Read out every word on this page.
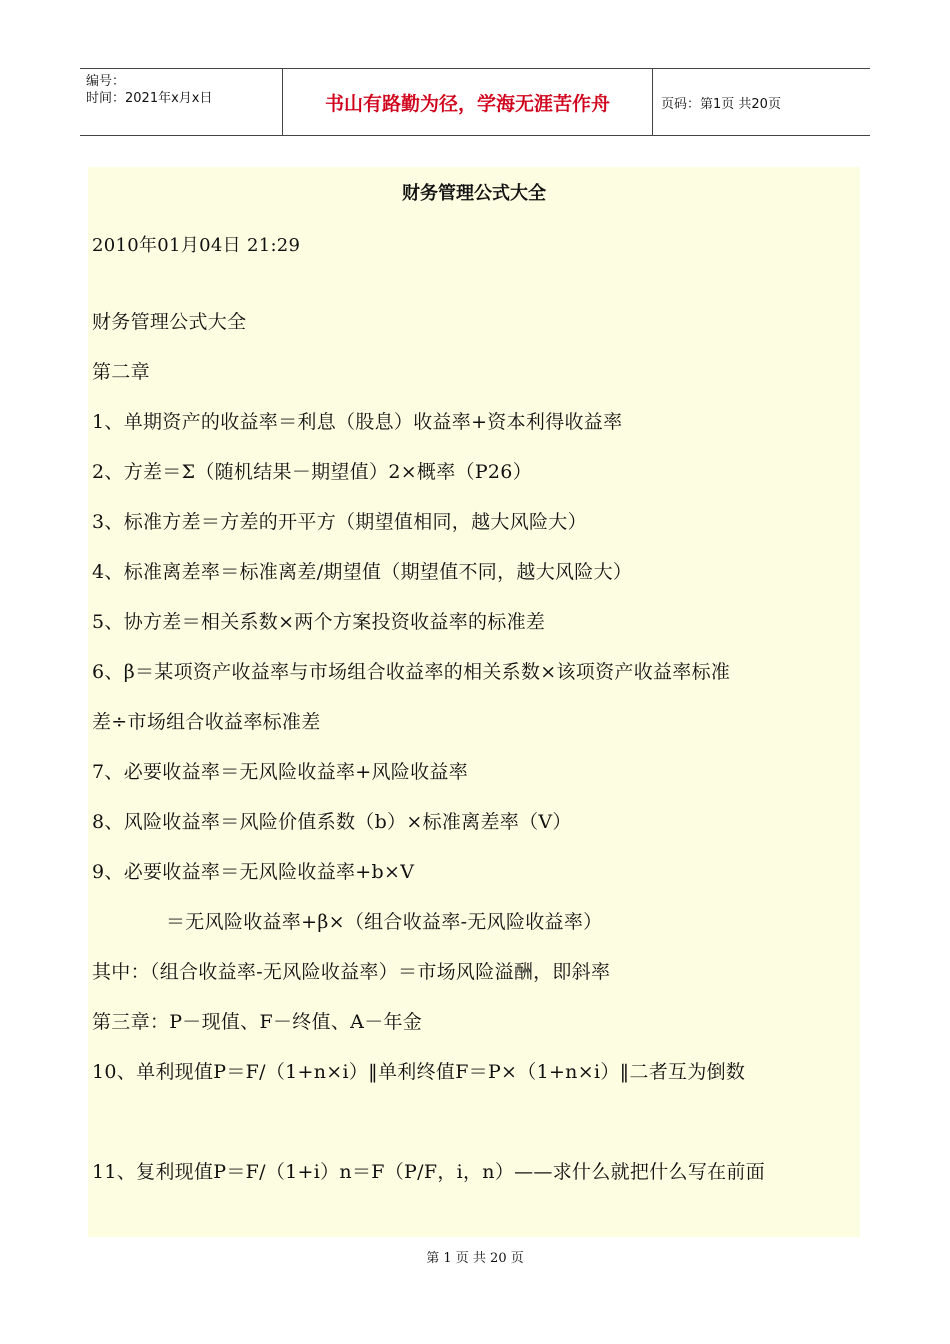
编号：
时间：2021年x月x日	书山有路勤为径，学海无涯苦作舟	页码：第1页 共20页
财务管理公式大全
2010年01月04日 21:29
财务管理公式大全
第二章
1、单期资产的收益率＝利息（股息）收益率+资本利得收益率
2、方差＝Σ（随机结果－期望值）2×概率（P26）
3、标准方差＝方差的开平方（期望值相同，越大风险大）
4、标准离差率＝标准离差/期望值（期望值不同，越大风险大）
5、协方差＝相关系数×两个方案投资收益率的标准差
6、β＝某项资产收益率与市场组合收益率的相关系数×该项资产收益率标准
差÷市场组合收益率标准差
7、必要收益率＝无风险收益率+风险收益率
8、风险收益率＝风险价值系数（b）×标准离差率（V）
9、必要收益率＝无风险收益率+b×V
＝无风险收益率+β×（组合收益率-无风险收益率）
其中：（组合收益率-无风险收益率）＝市场风险溢酬，即斜率
第三章：P－现值、F－终值、A－年金
10、单利现值P＝F/（1+n×i）‖单利终值F＝P×（1+n×i）‖二者互为倒数
11、复利现值P＝F/（1+i）n＝F（P/F，i，n）——求什么就把什么写在前面
第 1 页 共 20 页
